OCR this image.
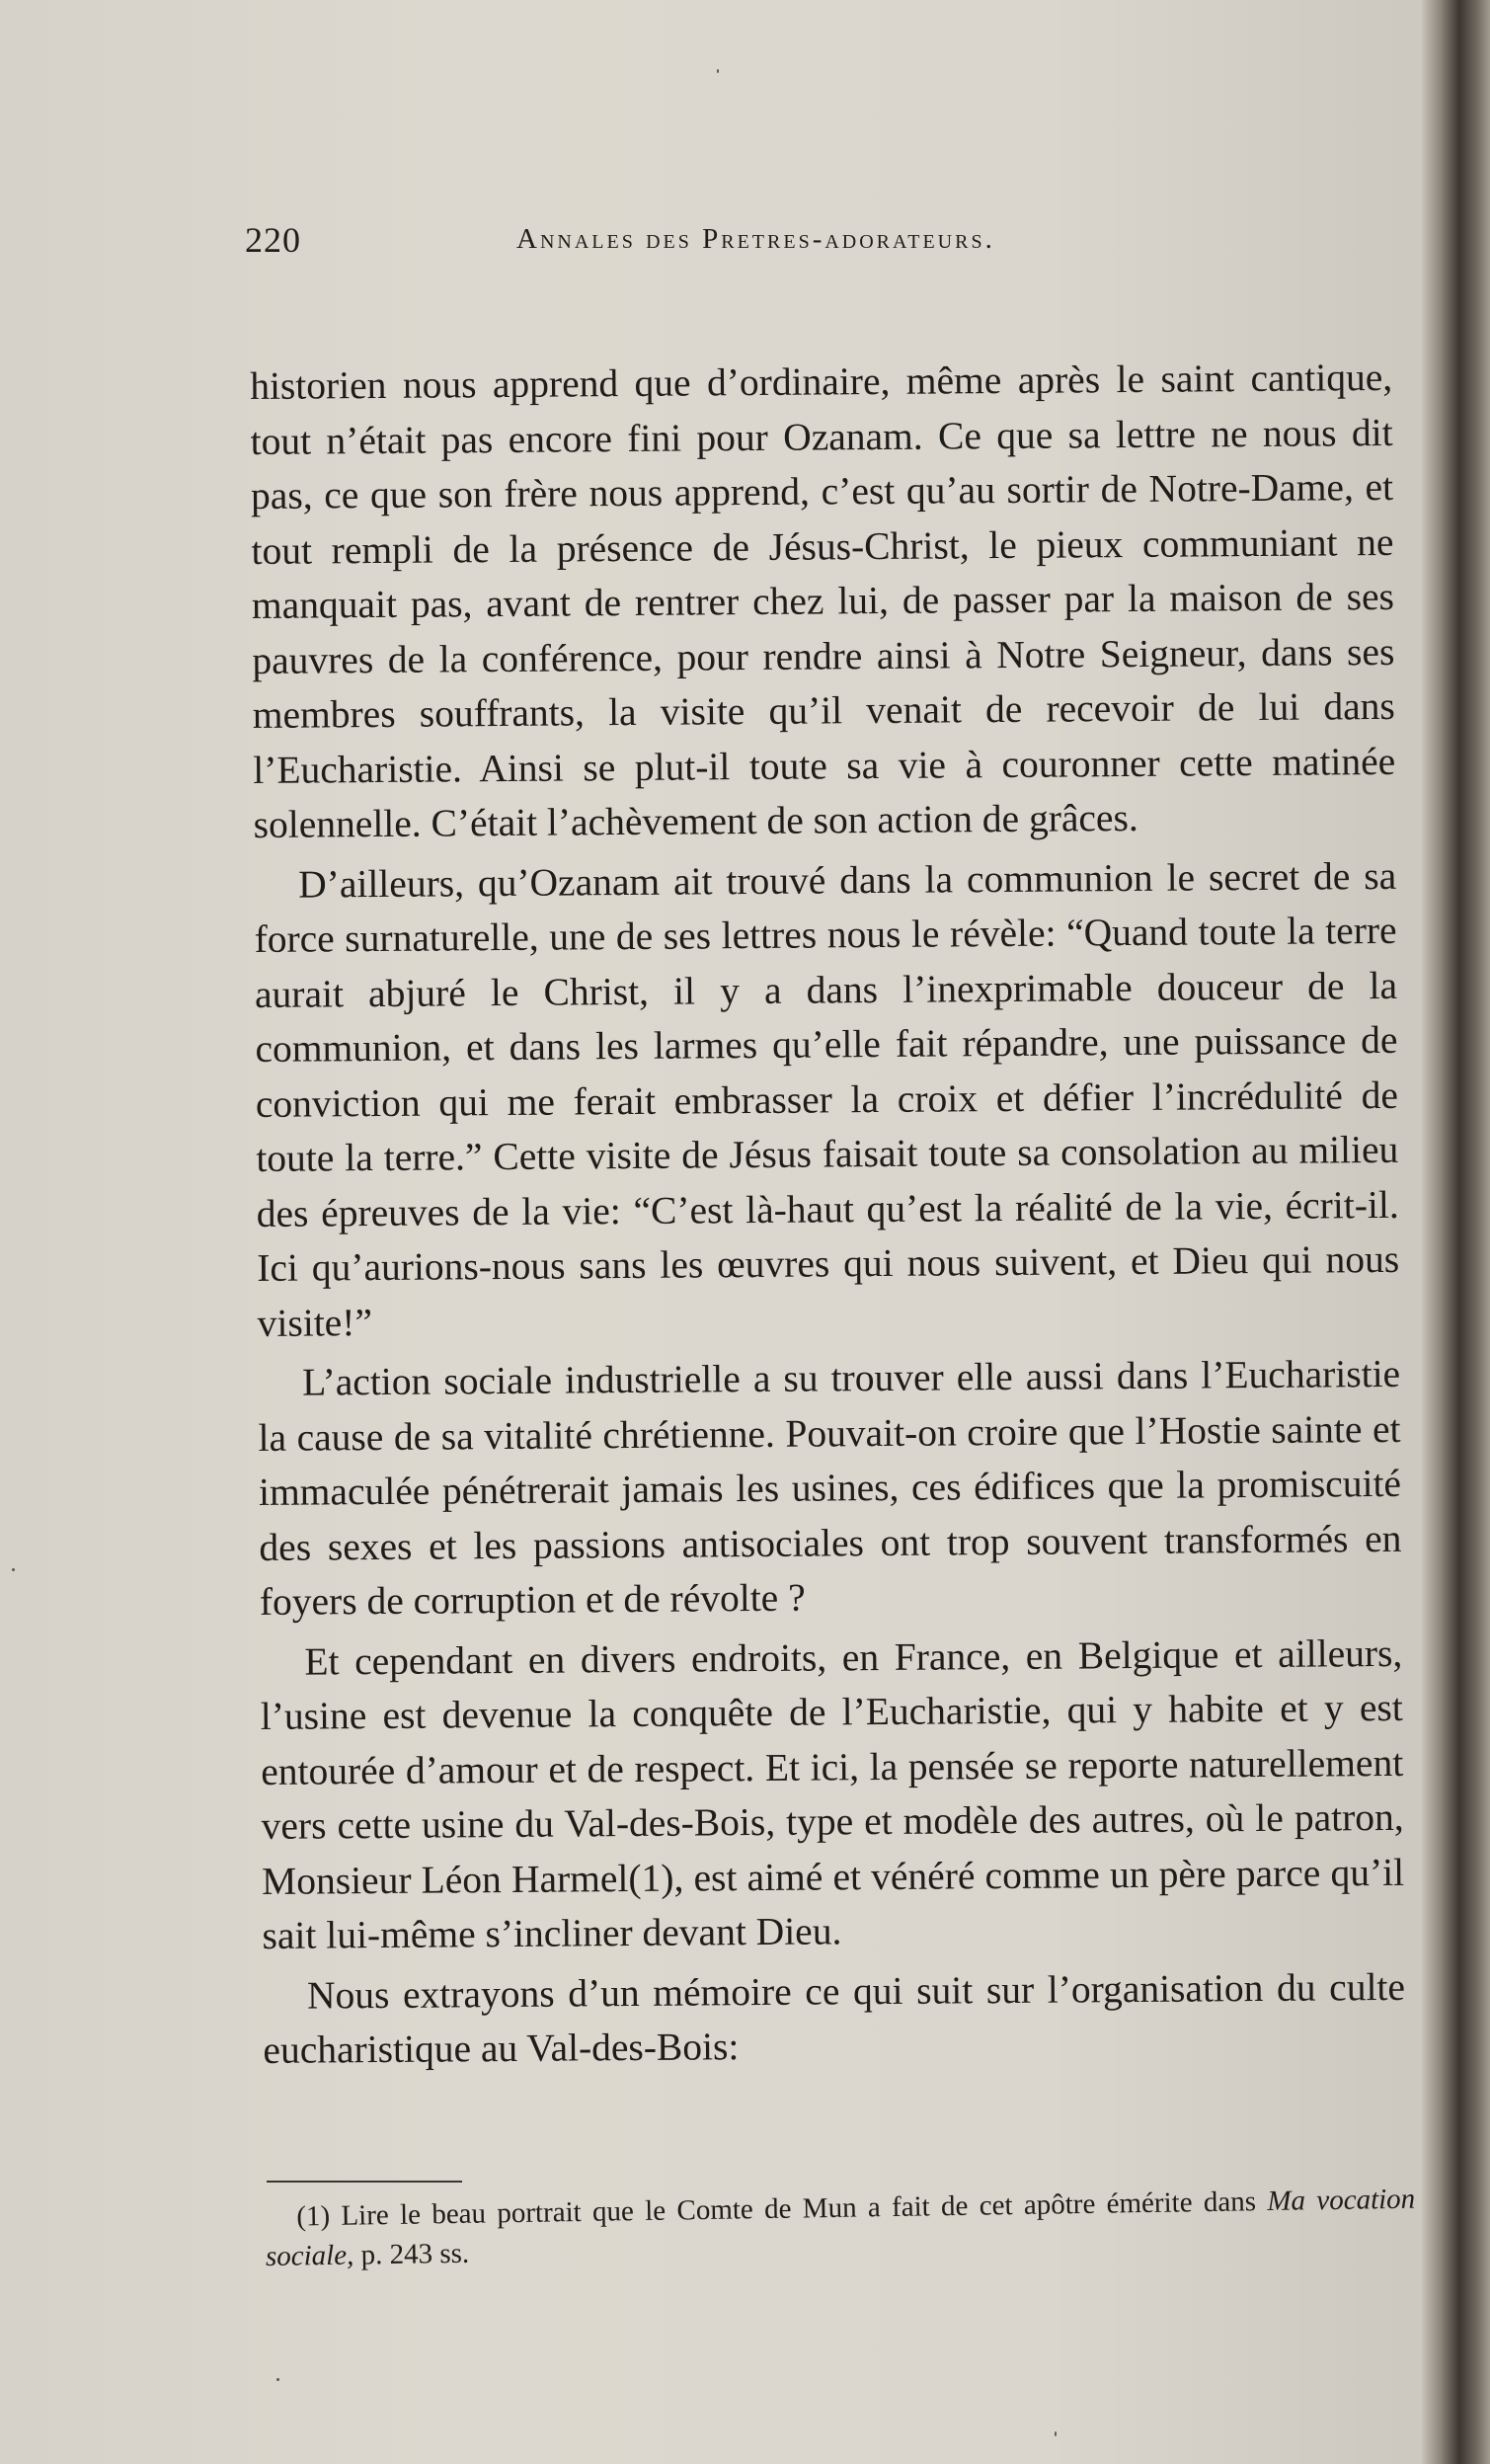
220	Annales des Pretres-adorateurs.

historien nous apprend que d’ordinaire, même après le saint cantique, tout n’était pas encore fini pour Ozanam. Ce que sa lettre ne nous dit pas, ce que son frère nous apprend, c’est qu’au sortir de Notre-Dame, et tout rempli de la présence de Jésus-Christ, le pieux communiant ne manquait pas, avant de rentrer chez lui, de passer par la maison de ses pauvres de la conférence, pour rendre ainsi à Notre Seigneur, dans ses membres souffrants, la visite qu’il venait de recevoir de lui dans l’Eucharistie. Ainsi se plut-il toute sa vie à couronner cette matinée solennelle. C’était l’achèvement de son action de grâces.

D’ailleurs, qu’Ozanam ait trouvé dans la communion le secret de sa force surnaturelle, une de ses lettres nous le révèle: “Quand toute la terre aurait abjuré le Christ, il y a dans l’inexprimable douceur de la communion, et dans les larmes qu’elle fait répandre, une puissance de conviction qui me ferait embrasser la croix et défier l’incrédulité de toute la terre.” Cette visite de Jésus faisait toute sa consolation au milieu des épreuves de la vie: “C’est là-haut qu’est la réalité de la vie, écrit-il. Ici qu’aurions-nous sans les œuvres qui nous suivent, et Dieu qui nous visite!”

L’action sociale industrielle a su trouver elle aussi dans l’Eucharistie la cause de sa vitalité chrétienne. Pouvait-on croire que l’Hostie sainte et immaculée pénétrerait jamais les usines, ces édifices que la promiscuité des sexes et les passions antisociales ont trop souvent transformés en foyers de corruption et de révolte ?

Et cependant en divers endroits, en France, en Belgique et ailleurs, l’usine est devenue la conquête de l’Eucharistie, qui y habite et y est entourée d’amour et de respect. Et ici, la pensée se reporte naturellement vers cette usine du Val-des-Bois, type et modèle des autres, où le patron, Monsieur Léon Harmel(1), est aimé et vénéré comme un père parce qu’il sait lui-même s’incliner devant Dieu.

Nous extrayons d’un mémoire ce qui suit sur l’organisation du culte eucharistique au Val-des-Bois:

(1) Lire le beau portrait que le Comte de Mun a fait de cet apôtre émérite dans Ma vocation sociale, p. 243 ss.
